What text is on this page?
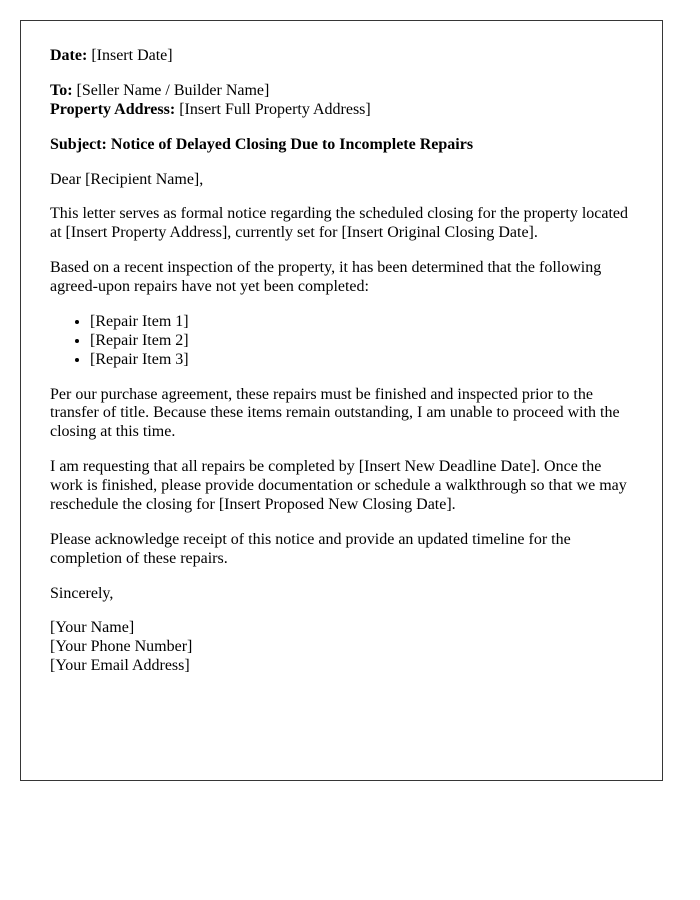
Date: [Insert Date]

To: [Seller Name / Builder Name]
Property Address: [Insert Full Property Address]

Subject: Notice of Delayed Closing Due to Incomplete Repairs

Dear [Recipient Name],

This letter serves as formal notice regarding the scheduled closing for the property located at [Insert Property Address], currently set for [Insert Original Closing Date].

Based on a recent inspection of the property, it has been determined that the following agreed-upon repairs have not yet been completed:

• [Repair Item 1]
• [Repair Item 2]
• [Repair Item 3]

Per our purchase agreement, these repairs must be finished and inspected prior to the transfer of title. Because these items remain outstanding, I am unable to proceed with the closing at this time.

I am requesting that all repairs be completed by [Insert New Deadline Date]. Once the work is finished, please provide documentation or schedule a walkthrough so that we may reschedule the closing for [Insert Proposed New Closing Date].

Please acknowledge receipt of this notice and provide an updated timeline for the completion of these repairs.

Sincerely,

[Your Name]
[Your Phone Number]
[Your Email Address]
